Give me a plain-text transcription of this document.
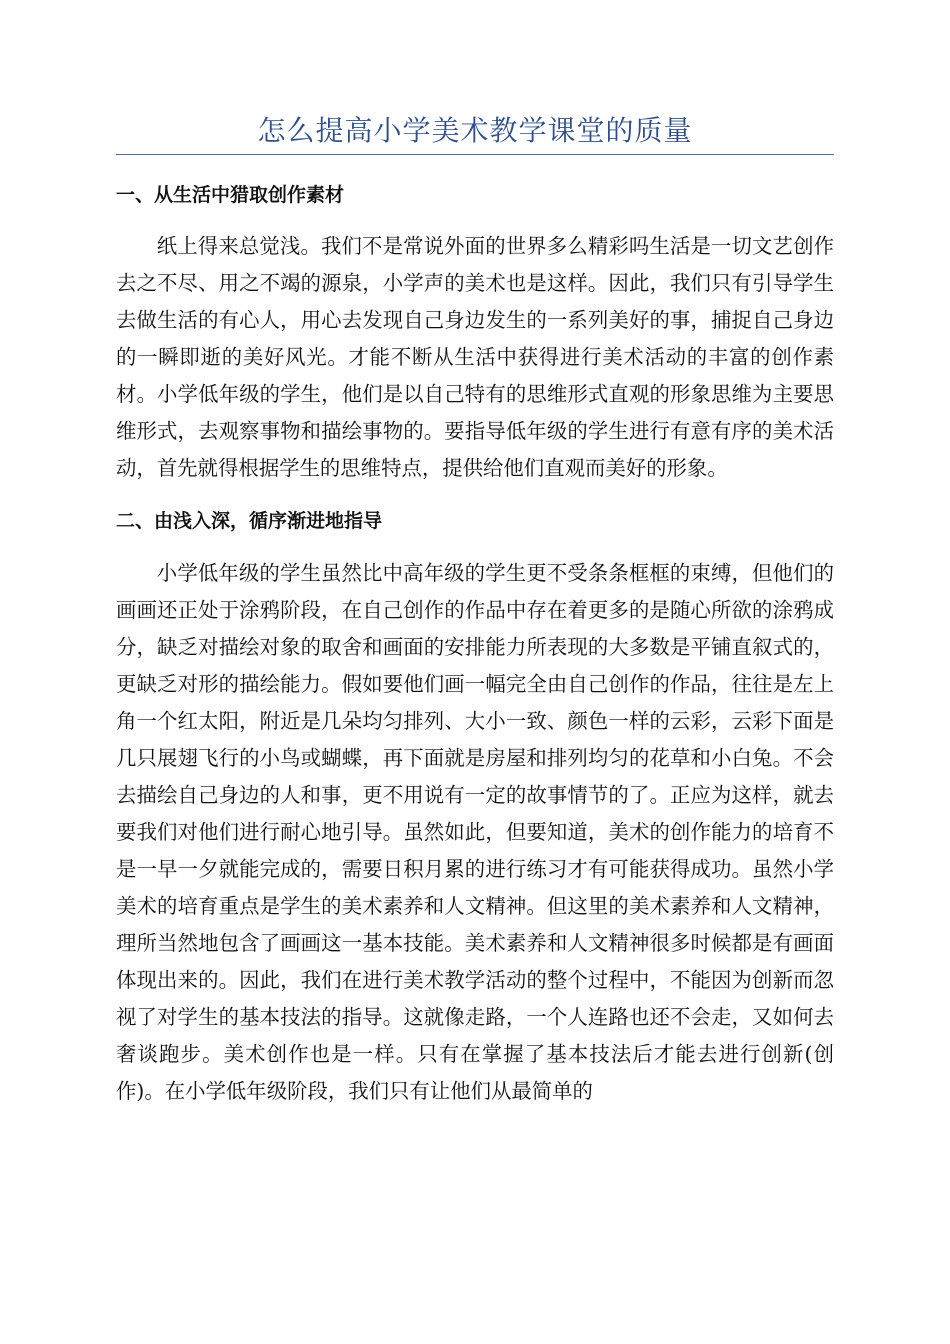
怎么提高小学美术教学课堂的质量
一、从生活中猎取创作素材

纸上得来总觉浅。我们不是常说外面的世界多么精彩吗生活是一切文艺创作去之不尽、用之不竭的源泉，小学声的美术也是这样。因此，我们只有引导学生去做生活的有心人，用心去发现自己身边发生的一系列美好的事，捕捉自己身边的一瞬即逝的美好风光。才能不断从生活中获得进行美术活动的丰富的创作素材。小学低年级的学生，他们是以自己特有的思维形式直观的形象思维为主要思维形式，去观察事物和描绘事物的。要指导低年级的学生进行有意有序的美术活动，首先就得根据学生的思维特点，提供给他们直观而美好的形象。

二、由浅入深，循序渐进地指导

小学低年级的学生虽然比中高年级的学生更不受条条框框的束缚，但他们的画画还正处于涂鸦阶段，在自己创作的作品中存在着更多的是随心所欲的涂鸦成分，缺乏对描绘对象的取舍和画面的安排能力所表现的大多数是平铺直叙式的，更缺乏对形的描绘能力。假如要他们画一幅完全由自己创作的作品，往往是左上角一个红太阳，附近是几朵均匀排列、大小一致、颜色一样的云彩，云彩下面是几只展翅飞行的小鸟或蝴蝶，再下面就是房屋和排列均匀的花草和小白兔。不会去描绘自己身边的人和事，更不用说有一定的故事情节的了。正应为这样，就去要我们对他们进行耐心地引导。虽然如此，但要知道，美术的创作能力的培育不是一早一夕就能完成的，需要日积月累的进行练习才有可能获得成功。虽然小学美术的培育重点是学生的美术素养和人文精神。但这里的美术素养和人文精神，理所当然地包含了画画这一基本技能。美术素养和人文精神很多时候都是有画面体现出来的。因此，我们在进行美术教学活动的整个过程中，不能因为创新而忽视了对学生的基本技法的指导。这就像走路，一个人连路也还不会走，又如何去奢谈跑步。美术创作也是一样。只有在掌握了基本技法后才能去进行创新(创作)。在小学低年级阶段，我们只有让他们从最简单的
